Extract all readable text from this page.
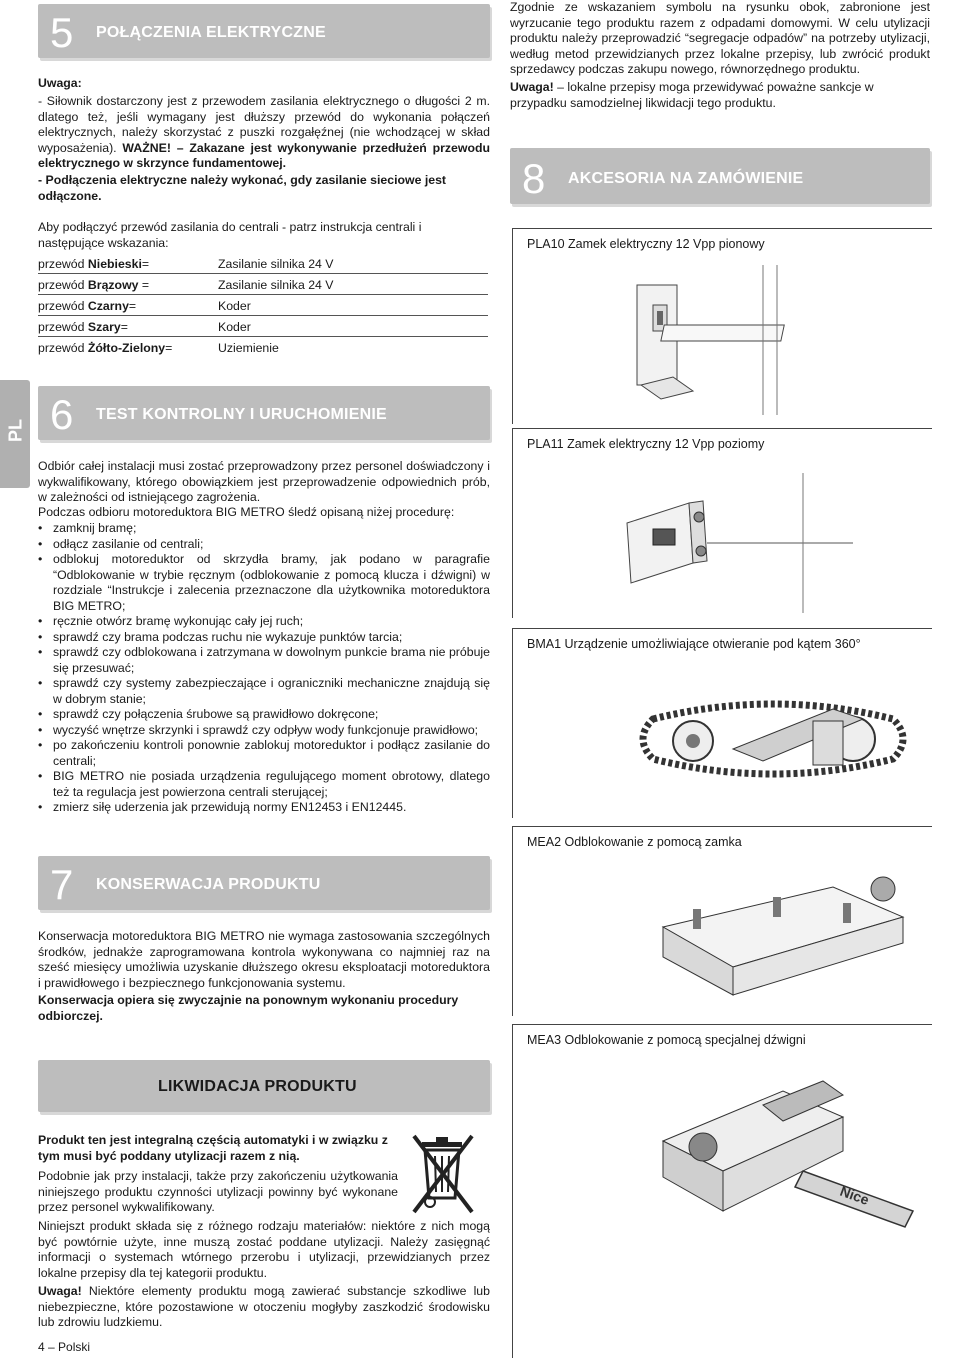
PL
5 POŁĄCZENIA ELEKTRYCZNE
Uwaga:
- Siłownik dostarczony jest z przewodem zasilania elektrycznego o długości 2 m. dlatego też, jeśli wymagany jest dłuższy przewód do wykonania połączeń elektrycznych, należy skorzystać z puszki rozgałęźnej (nie wchodzącej w skład wyposażenia). WAŻNE! – Zakazane jest wykonywanie przedłużeń przewodu elektrycznego w skrzynce fundamentowej.
- Podłączenia elektryczne należy wykonać, gdy zasilanie sieciowe jest odłączone.
Aby podłączyć przewód zasilania do centrali - patrz instrukcja centrali i następujące wskazania:
przewód Niebieski=	Zasilanie silnika 24 V
przewód Brązowy =	Zasilanie silnika 24 V
przewód Czarny=	Koder
przewód Szary=	Koder
przewód Żółto-Zielony=	Uziemienie
6 TEST KONTROLNY I URUCHOMIENIE
Odbiór całej instalacji musi zostać przeprowadzony przez personel doświadczony i wykwalifikowany, którego obowiązkiem jest przeprowadzenie odpowiednich prób, w zależności od istniejącego zagrożenia.
Podczas odbioru motoreduktora BIG METRO śledź opisaną niżej procedurę:
• zamknij bramę;
• odłącz zasilanie od centrali;
• odblokuj motoreduktor od skrzydła bramy, jak podano w paragrafie “Odblokowanie w trybie ręcznym (odblokowanie z pomocą klucza i dźwigni) w rozdziale “Instrukcje i zalecenia przeznaczone dla użytkownika motoreduktora BIG METRO;
• ręcznie otwórz bramę wykonując cały jej ruch;
• sprawdź czy brama podczas ruchu nie wykazuje punktów tarcia;
• sprawdź czy odblokowana i zatrzymana w dowolnym punkcie brama nie próbuje się przesuwać;
• sprawdź czy systemy zabezpieczające i ograniczniki mechaniczne znajdują się w dobrym stanie;
• sprawdź czy połączenia śrubowe są prawidłowo dokręcone;
• wyczyść wnętrze skrzynki i sprawdź czy odpływ wody funkcjonuje prawidłowo;
• po zakończeniu kontroli ponownie zablokuj motoreduktor i podłącz zasilanie do centrali;
• BIG METRO nie posiada urządzenia regulującego moment obrotowy, dlatego też ta regulacja jest powierzona centrali sterującej;
• zmierz siłę uderzenia jak przewidują normy EN12453 i EN12445.
7 KONSERWACJA PRODUKTU
Konserwacja motoreduktora BIG METRO nie wymaga zastosowania szczególnych środków, jednakże zaprogramowana kontrola wykonywana co najmniej raz na sześć miesięcy umożliwia uzyskanie dłuższego okresu eksploatacji motoreduktora i prawidłowego i bezpiecznego funkcjonowania systemu.
Konserwacja opiera się zwyczajnie na ponownym wykonaniu procedury odbiorczej.
LIKWIDACJA PRODUKTU
Produkt ten jest integralną częścią automatyki i w związku z tym musi być poddany utylizacji razem z nią.
Podobnie jak przy instalacji, także przy zakończeniu użytkowania niniejszego produktu czynności utylizacji powinny być wykonane przez personel wykwalifikowany.
Niniejszt produkt składa się z różnego rodzaju materiałów: niektóre z nich mogą być powtórnie użyte, inne muszą zostać poddane utylizacji. Należy zasięgnąć informacji o systemach wtórnego przerobu i utylizacji, przewidzianych przez lokalne przepisy dla tej kategorii produktu.
Uwaga! Niektóre elementy produktu mogą zawierać substancje szkodliwe lub niebezpieczne, które pozostawione w otoczeniu mogłyby zaszkodzić środowisku lub zdrowiu ludzkiemu.
Zgodnie ze wskazaniem symbolu na rysunku obok, zabronione jest wyrzucanie tego produktu razem z odpadami domowymi. W celu utylizacji produktu należy przeprowadzić “segregacje odpadów” na potrzeby utylizacji, według metod przewidzianych przez lokalne przepisy, lub zwrócić produkt sprzedawcy podczas zakupu nowego, równorzędnego produktu.
Uwaga! – lokalne przepisy moga przewidywać poważne sankcje w przypadku samodzielnej likwidacji tego produktu.
8 AKCESORIA NA ZAMÓWIENIE
PLA10 Zamek elektryczny 12 Vpp pionowy
PLA11 Zamek elektryczny 12 Vpp poziomy
BMA1 Urządzenie umożliwiające otwieranie pod kątem 360°
MEA2 Odblokowanie z pomocą zamka
MEA3 Odblokowanie z pomocą specjalnej dźwigni
Nice
4 – Polski
